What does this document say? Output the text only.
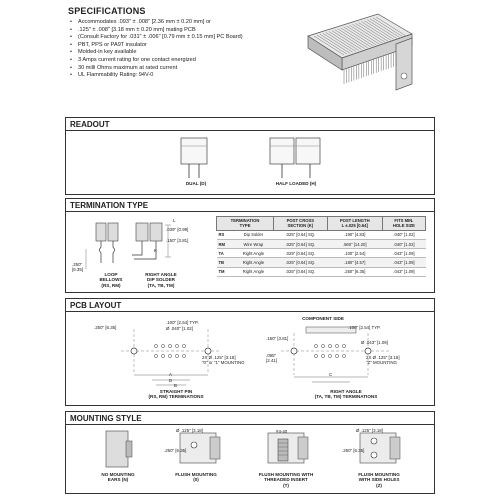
SPECIFICATIONS
• Accommodates .093" ± .008" [2.36 mm ± 0.20 mm] or
• .125" ± .008" [3.18 mm ± 0.20 mm] mating PCB
• (Consult Factory for .031" ± .006" [0.79 mm ± 0.15 mm] PC Board)
• PBT, PPS or PA9T insulator
• Molded-in key available
• 3 Amps current rating for one contact energized
• 30 milli Ohms maximum at rated current
• UL Flammability Rating: 94V-0
READOUT
DUAL (D)	HALF LOADED (H)
TERMINATION TYPE
.039" [0.99]
.150" [3.81]
L
K
.250"
[6.35]
LOOP
BELLOWS
(RS, RM)
RIGHT ANGLE
DIP SOLDER
(TA, TB, TM)
TERMINATION
TYPE		POST CROSS
SECTION (K)	POST LENGTH
L ±.025 [0.64]	FITS MIN.
HOLE SIZE
RS	Dip Solder	.025" [0.64] SQ.	.190" [4.83]	.040" [1.02]
RM	Wire Wrap	.025" [0.64] SQ.	.560" [14.20]	.040" [1.02]
TA	Right Angle	.025" [0.64] SQ.	.100" [2.54]	.043" [1.09]
TB	Right Angle	.025" [0.64] SQ.	.180" [4.57]	.043" [1.09]
TM	Right Angle	.025" [0.64] SQ.	.250" [6.35]	.043" [1.09]
PCB LAYOUT
.250" [6.35]
.100" [2.54] TYP.
Ø .040" [1.02]
2X Ø .125" [3.18]
"0" or "1" MOUNTING
A
D
B
STRAIGHT PIN
(RS, RM) TERMINATIONS
COMPONENT SIDE
.100" [2.54] TYP.
Ø .043" [1.09]
.150" [3.81]
.095"
[2.41]
2X Ø .125" [3.18]
"Z" MOUNTING
C
RIGHT ANGLE
(TA, TB, TM) TERMINATIONS
MOUNTING STYLE
NO MOUNTING
EARS (N)
Ø .125" [3.18]
.250" [6.35]
FLUSH MOUNTING
(0)
#4-40
FLUSH MOUNTING WITH
THREADED INSERT
(T)
Ø .125" [3.18]
.250" [6.35]
FLUSH MOUNTING
WITH SIDE HOLES
(Z)
